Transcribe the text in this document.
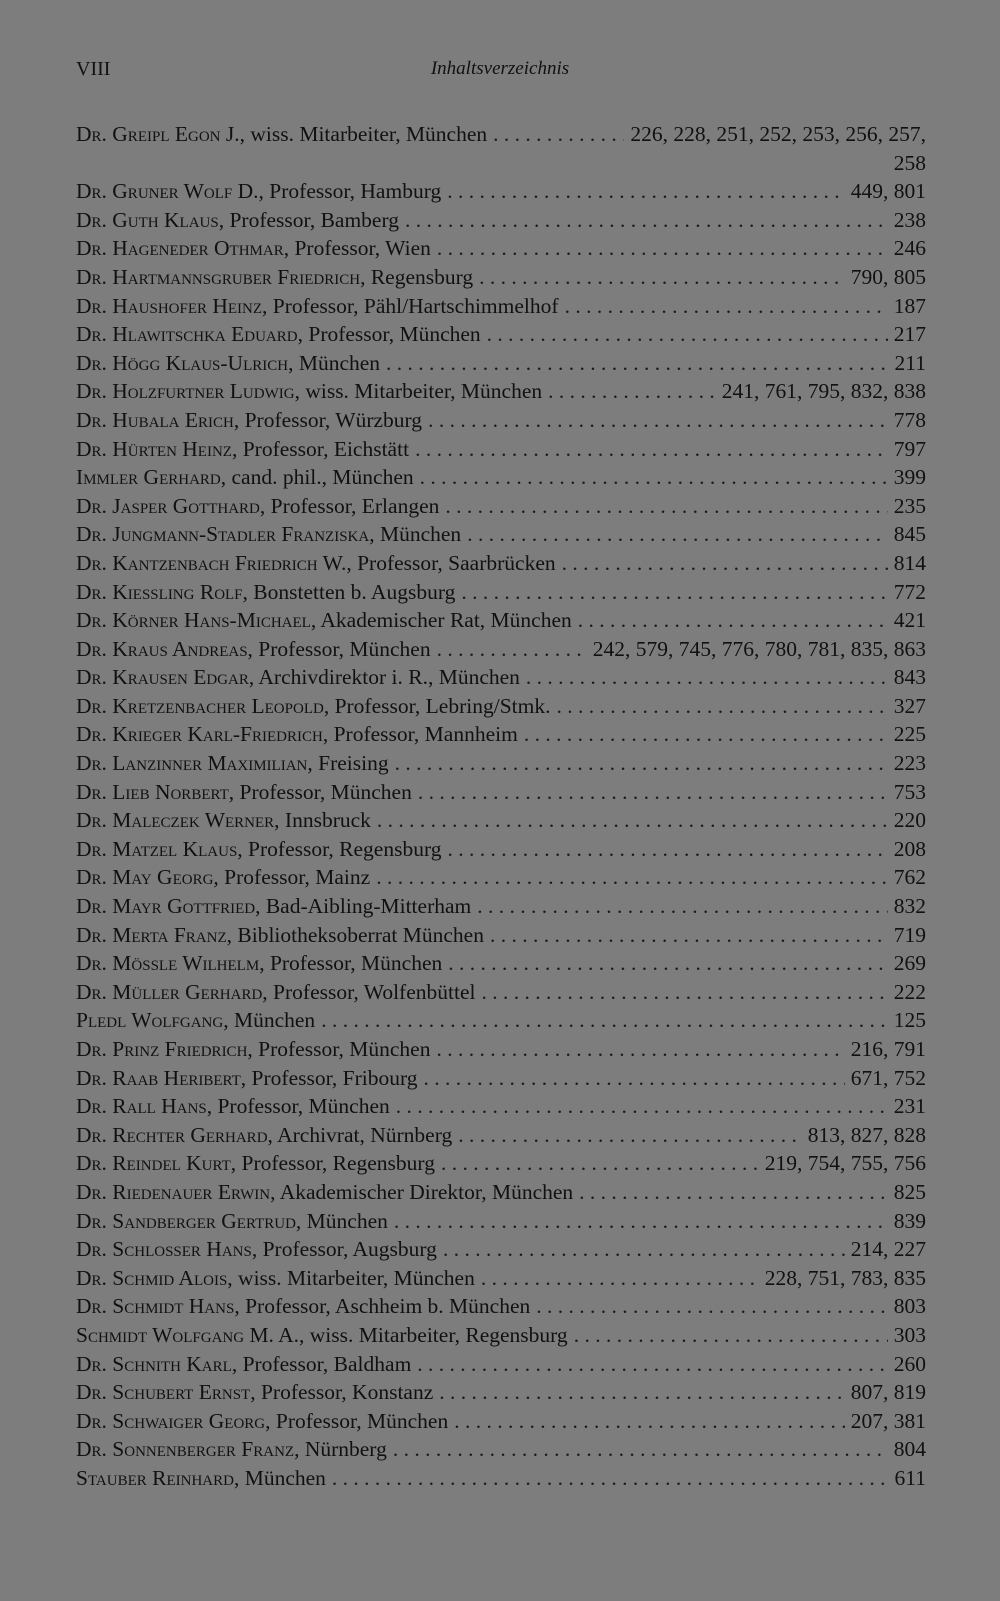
VIII	Inhaltsverzeichnis
Dr. Greipl Egon J. , wiss. Mitarbeiter, München . . .	226, 228, 251, 252, 253, 256, 257,
258
Dr. Gruner Wolf D. , Professor, Hamburg . . .	449, 801
Dr. Guth Klaus , Professor, Bamberg . . .	238
Dr. Hageneder Othmar , Professor, Wien . . .	246
Dr. Hartmannsgruber Friedrich , Regensburg . . .	790, 805
Dr. Haushofer Heinz , Professor, Pähl/Hartschimmelhof . . .	187
Dr. Hlawitschka Eduard , Professor, München . . .	217
Dr. Högg Klaus-Ulrich , München . . .	211
Dr. Holzfurtner Ludwig , wiss. Mitarbeiter, München . . .	241, 761, 795, 832, 838
Dr. Hubala Erich , Professor, Würzburg . . .	778
Dr. Hürten Heinz , Professor, Eichstätt . . .	797
Immler Gerhard , cand. phil., München . . .	399
Dr. Jasper Gotthard , Professor, Erlangen . . .	235
Dr. Jungmann-Stadler Franziska , München . . .	845
Dr. Kantzenbach Friedrich W. , Professor, Saarbrücken . . .	814
Dr. Kiessling Rolf , Bonstetten b. Augsburg . . .	772
Dr. Körner Hans-Michael , Akademischer Rat, München . . .	421
Dr. Kraus Andreas , Professor, München . . .	242, 579, 745, 776, 780, 781, 835, 863
Dr. Krausen Edgar , Archivdirektor i. R., München . . .	843
Dr. Kretzenbacher Leopold , Professor, Lebring/Stmk. . . .	327
Dr. Krieger Karl-Friedrich , Professor, Mannheim . . .	225
Dr. Lanzinner Maximilian , Freising . . .	223
Dr. Lieb Norbert , Professor, München . . .	753
Dr. Maleczek Werner , Innsbruck . . .	220
Dr. Matzel Klaus , Professor, Regensburg . . .	208
Dr. May Georg , Professor, Mainz . . .	762
Dr. Mayr Gottfried , Bad-Aibling-Mitterham . . .	832
Dr. Merta Franz , Bibliotheksoberrat München . . .	719
Dr. Mössle Wilhelm , Professor, München . . .	269
Dr. Müller Gerhard , Professor, Wolfenbüttel . . .	222
Pledl Wolfgang , München . . .	125
Dr. Prinz Friedrich , Professor, München . . .	216, 791
Dr. Raab Heribert , Professor, Fribourg . . .	671, 752
Dr. Rall Hans , Professor, München . . .	231
Dr. Rechter Gerhard , Archivrat, Nürnberg . . .	813, 827, 828
Dr. Reindel Kurt , Professor, Regensburg . . .	219, 754, 755, 756
Dr. Riedenauer Erwin , Akademischer Direktor, München . . .	825
Dr. Sandberger Gertrud , München . . .	839
Dr. Schlosser Hans , Professor, Augsburg . . .	214, 227
Dr. Schmid Alois , wiss. Mitarbeiter, München . . .	228, 751, 783, 835
Dr. Schmidt Hans , Professor, Aschheim b. München . . .	803
Schmidt Wolfgang M. A. , wiss. Mitarbeiter, Regensburg . . .	303
Dr. Schnith Karl , Professor, Baldham . . .	260
Dr. Schubert Ernst , Professor, Konstanz . . .	807, 819
Dr. Schwaiger Georg , Professor, München . . .	207, 381
Dr. Sonnenberger Franz , Nürnberg . . .	804
Stauber Reinhard , München . . .	611
